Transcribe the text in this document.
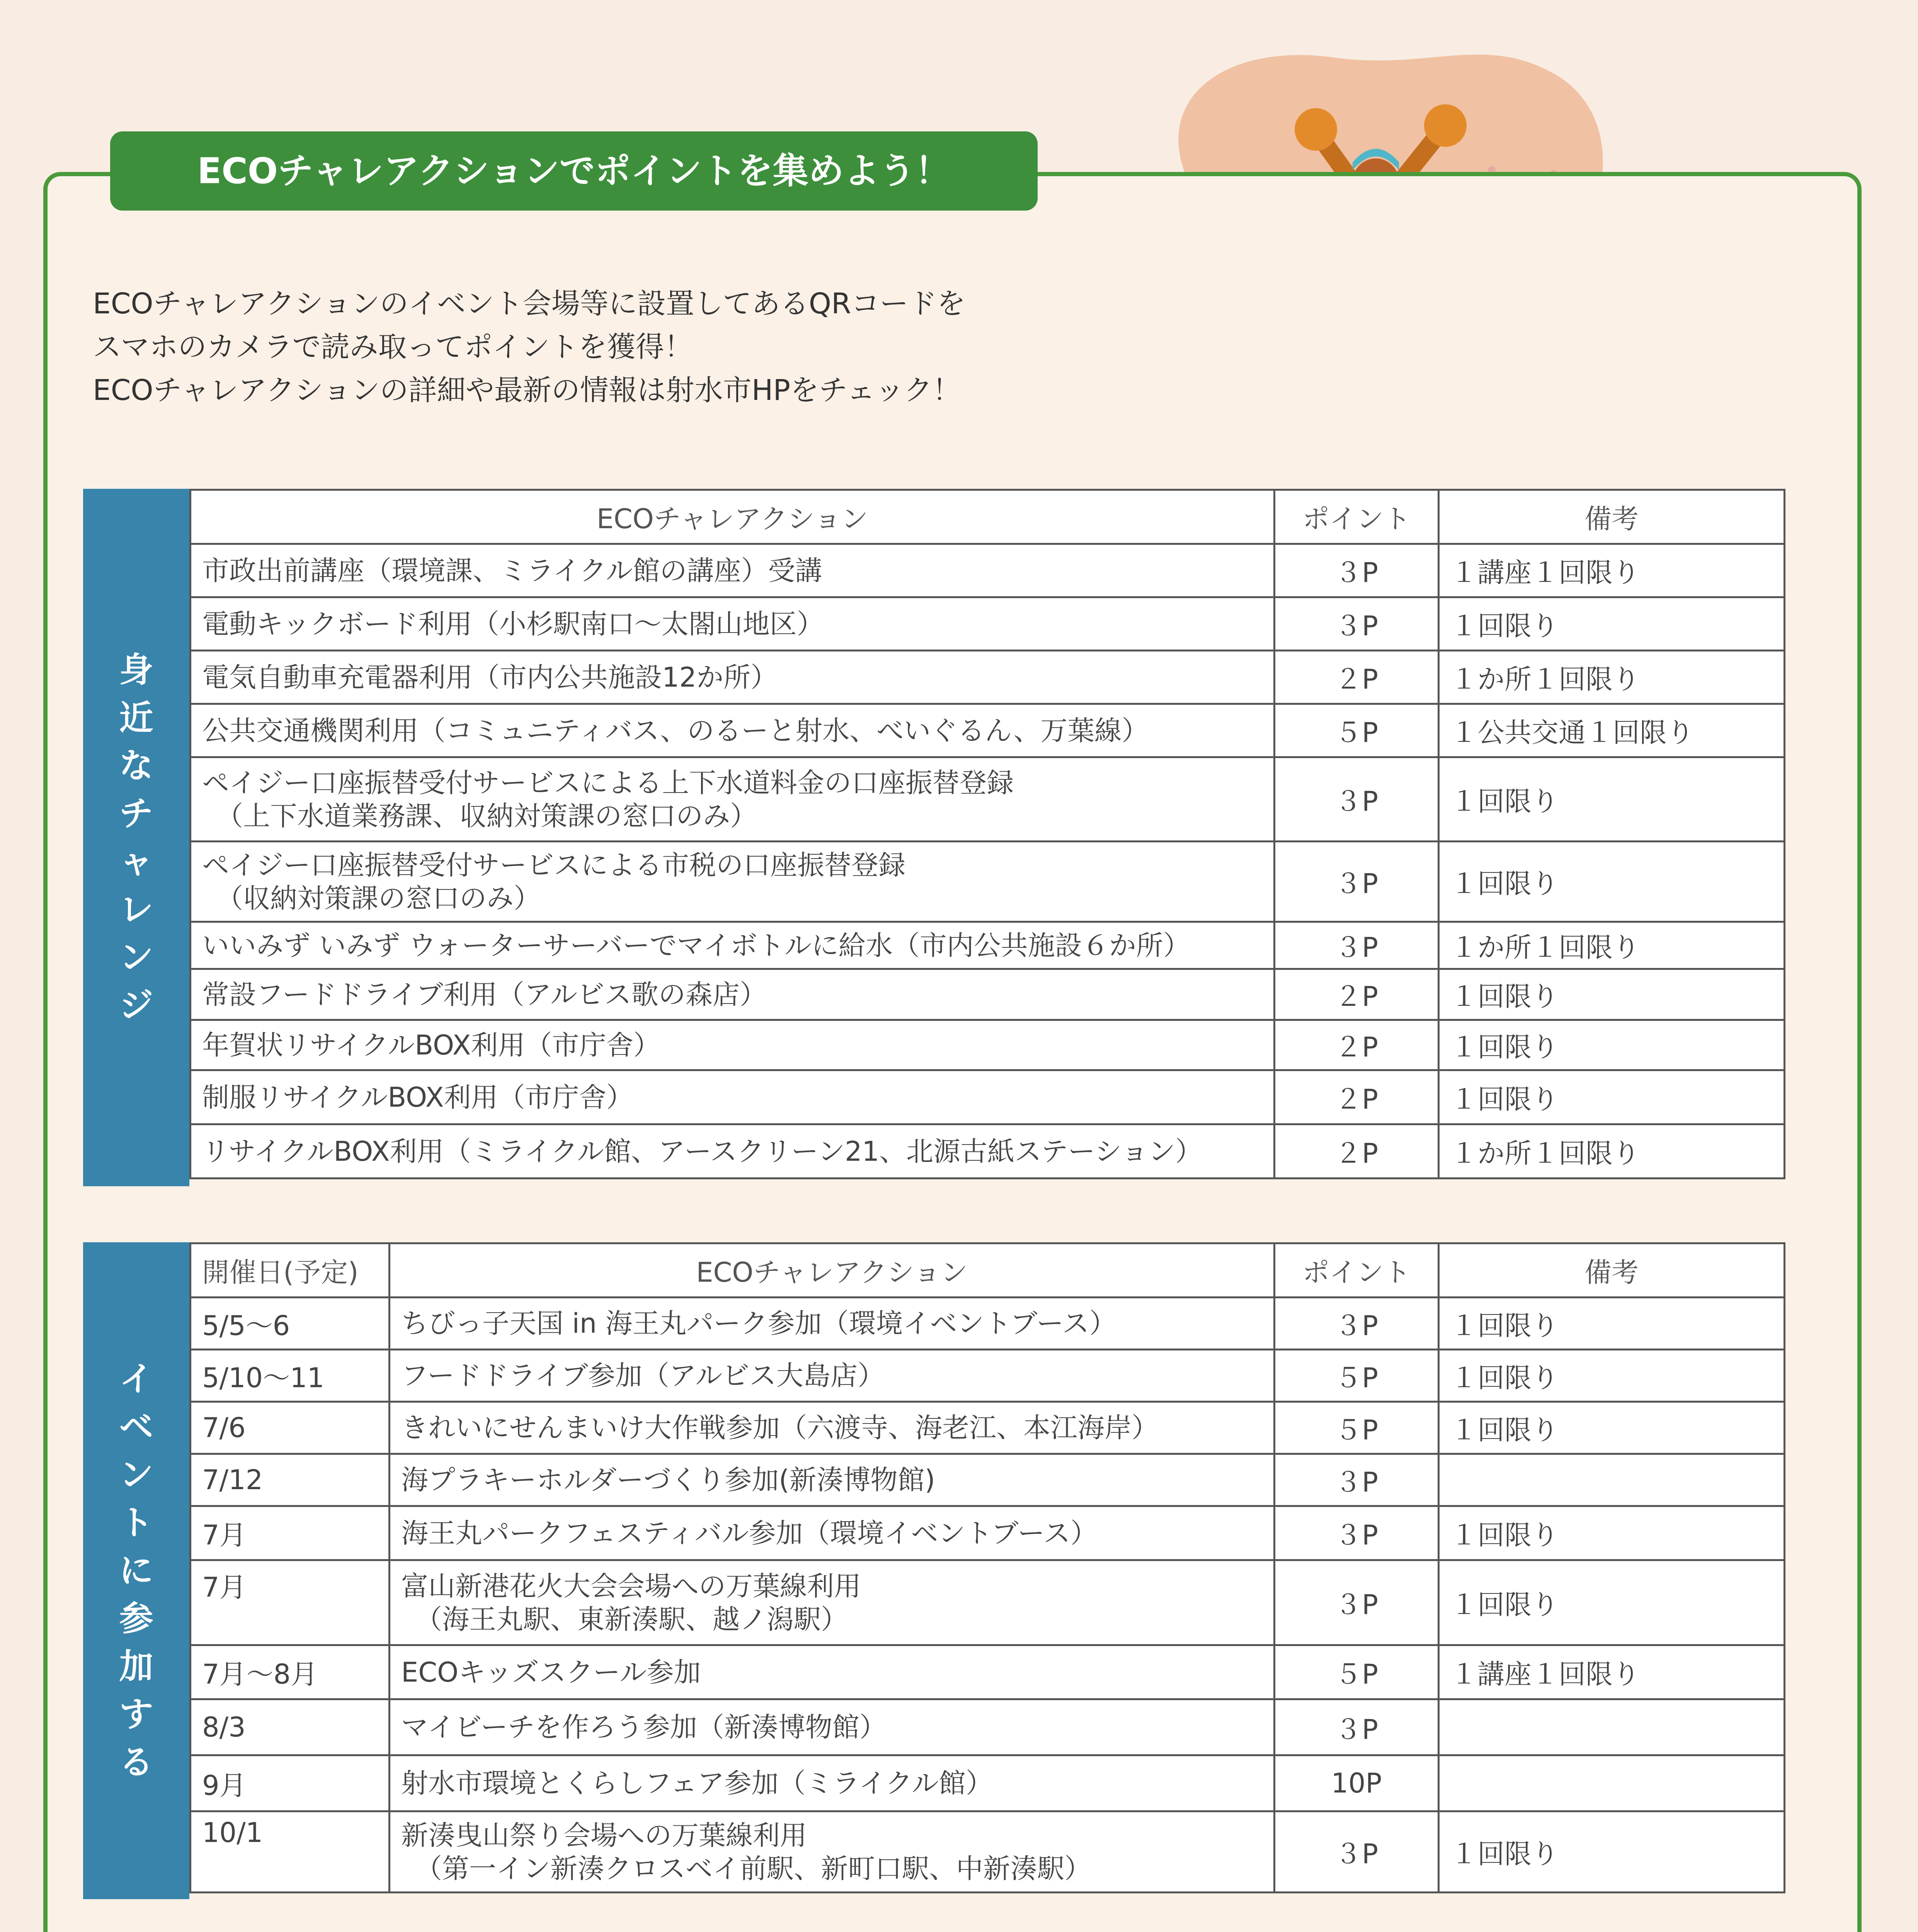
ECOチャレアクションでポイントを集めよう！
ECOチャレアクションのイベント会場等に設置してあるQRコードを
スマホのカメラで読み取ってポイントを獲得！
ECOチャレアクションの詳細や最新の情報は射水市HPをチェック！
身
近
な
チ
ャ
レ
ン
ジ
ECOチャレアクション	ポイント	備考

市政出前講座（環境課、ミライクル館の講座）受講	３P	１講座１回限り

電動キックボード利用（小杉駅南口～太閤山地区）	３P	１回限り

電気自動車充電器利用（市内公共施設12か所）	２P	１か所１回限り

公共交通機関利用（コミュニティバス、のるーと射水、べいぐるん、万葉線）	５P	１公共交通１回限り

ペイジー口座振替受付サービスによる上下水道料金の口座振替登録
（上下水道業務課、収納対策課の窓口のみ）	３P	１回限り

ペイジー口座振替受付サービスによる市税の口座振替登録
（収納対策課の窓口のみ）	３P	１回限り

いいみず いみず ウォーターサーバーでマイボトルに給水（市内公共施設６か所）	３P	１か所１回限り

常設フードドライブ利用（アルビス歌の森店）	２P	１回限り

年賀状リサイクルBOX利用（市庁舎）	２P	１回限り

制服リサイクルBOX利用（市庁舎）	２P	１回限り

リサイクルBOX利用（ミライクル館、アースクリーン21、北源古紙ステーション）	２P	１か所１回限り
イ
ベ
ン
ト
に
参
加
す
る
開催日(予定)	ECOチャレアクション	ポイント	備考
5/5～6	ちびっ子天国 in 海王丸パーク参加（環境イベントブース）	３P	１回限り
5/10～11	フードドライブ参加（アルビス大島店）	５P	１回限り
7/6	きれいにせんまいけ大作戦参加（六渡寺、海老江、本江海岸）	５P	１回限り
7/12	海プラキーホルダーづくり参加(新湊博物館)	３P	
7月	海王丸パークフェスティバル参加（環境イベントブース）	３P	１回限り
7月	富山新港花火大会会場への万葉線利用
（海王丸駅、東新湊駅、越ノ潟駅）	３P	１回限り
7月～8月	ECOキッズスクール参加	５P	１講座１回限り
8/3	マイビーチを作ろう参加（新湊博物館）	３P	
9月	射水市環境とくらしフェア参加（ミライクル館）	10P	
10/1	新湊曳山祭り会場への万葉線利用
（第一イン新湊クロスベイ前駅、新町口駅、中新湊駅）	３P	１回限り
